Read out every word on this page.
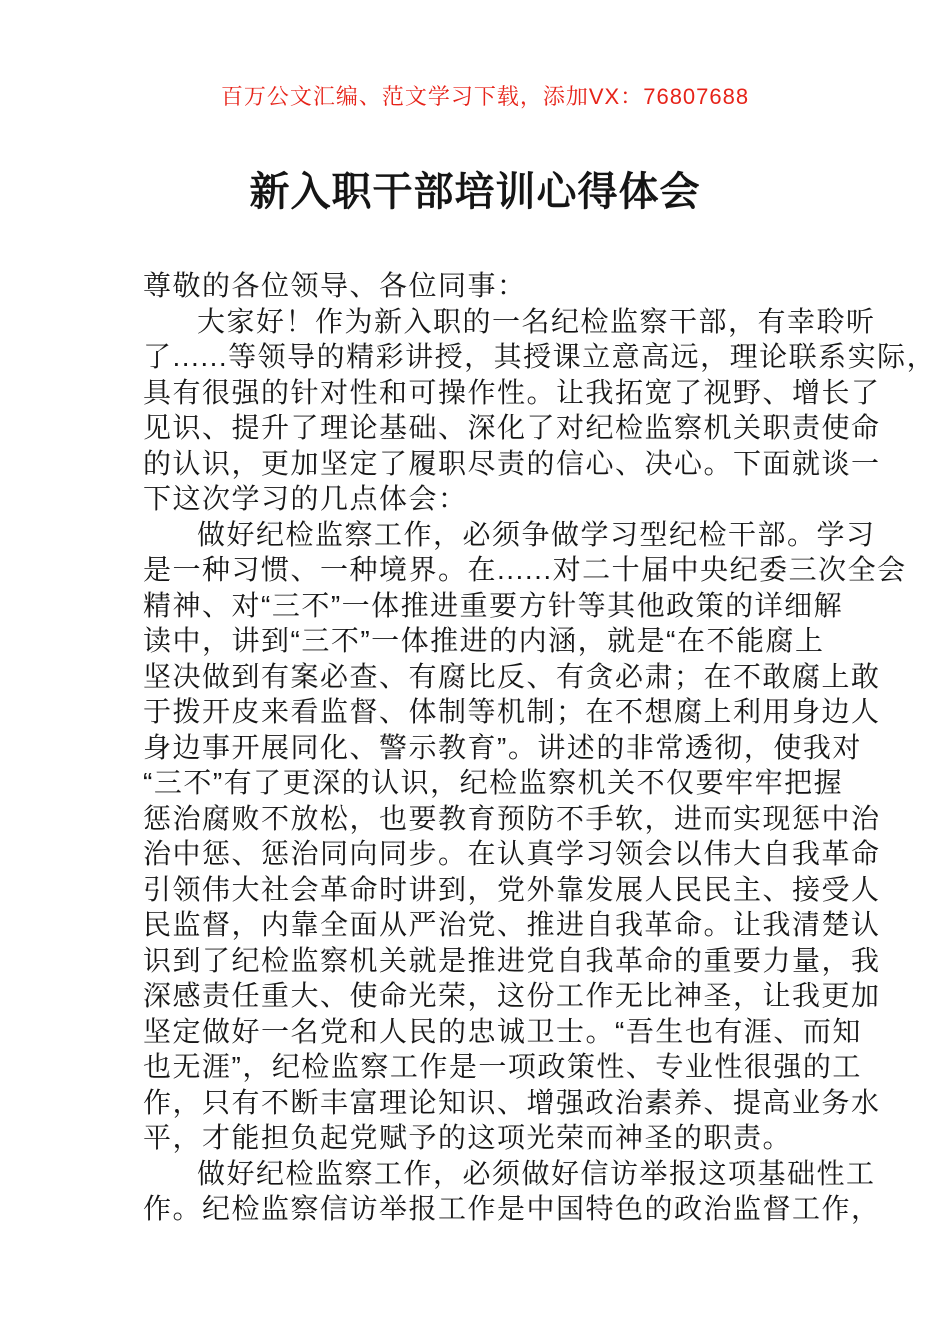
百万公文汇编、范文学习下载，添加VX：76807688
新入职干部培训心得体会
尊敬的各位领导、各位同事：
大家好！作为新入职的一名纪检监察干部，有幸聆听
了......等领导的精彩讲授，其授课立意高远，理论联系实际，
具有很强的针对性和可操作性。让我拓宽了视野、增长了
见识、提升了理论基础、深化了对纪检监察机关职责使命
的认识，更加坚定了履职尽责的信心、决心。下面就谈一
下这次学习的几点体会：
做好纪检监察工作，必须争做学习型纪检干部。学习
是一种习惯、一种境界。在......对二十届中央纪委三次全会
精神、对“三不”一体推进重要方针等其他政策的详细解
读中，讲到“三不”一体推进的内涵，就是“在不能腐上
坚决做到有案必查、有腐比反、有贪必肃；在不敢腐上敢
于拨开皮来看监督、体制等机制；在不想腐上利用身边人
身边事开展同化、警示教育”。讲述的非常透彻，使我对
“三不”有了更深的认识，纪检监察机关不仅要牢牢把握
惩治腐败不放松，也要教育预防不手软，进而实现惩中治
治中惩、惩治同向同步。在认真学习领会以伟大自我革命
引领伟大社会革命时讲到，党外靠发展人民民主、接受人
民监督，内靠全面从严治党、推进自我革命。让我清楚认
识到了纪检监察机关就是推进党自我革命的重要力量，我
深感责任重大、使命光荣，这份工作无比神圣，让我更加
坚定做好一名党和人民的忠诚卫士。“吾生也有涯、而知
也无涯”，纪检监察工作是一项政策性、专业性很强的工
作，只有不断丰富理论知识、增强政治素养、提高业务水
平，才能担负起党赋予的这项光荣而神圣的职责。
做好纪检监察工作，必须做好信访举报这项基础性工
作。纪检监察信访举报工作是中国特色的政治监督工作，
